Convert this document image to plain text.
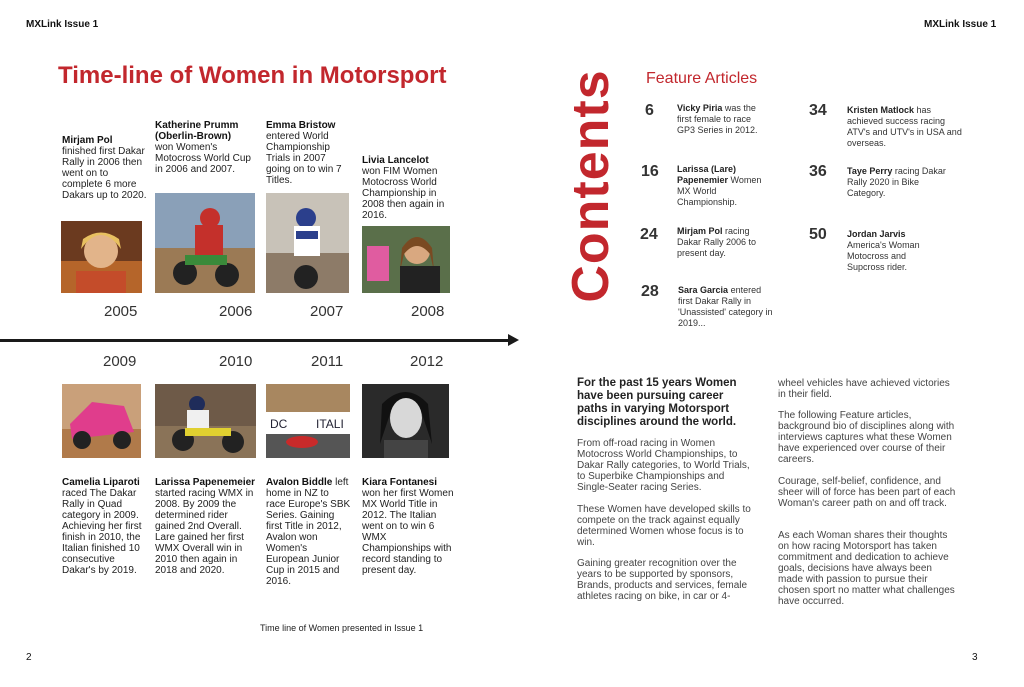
MXLink Issue 1	MXLink Issue 1
Time-line of Women in Motorsport
Mirjam Pol
finished first Dakar Rally in 2006 then went on to complete 6 more Dakars up to 2020.
Katherine Prumm (Oberlin-Brown)
won Women's Motocross World Cup in 2006 and 2007.
Emma Bristow
entered World Championship Trials in 2007 going on to win 7 Titles.
Livia Lancelot
won FIM Women Motocross World Championship in 2008 then again in 2016.
2005	2006	2007	2008
2009	2010	2011	2012
DC ITALI
Camelia Liparoti raced The Dakar Rally in Quad category in 2009. Achieving her first finish in 2010, the Italian finished 10 consecutive Dakar's by 2019.
Larissa Papenemeier started racing WMX in 2008. By 2009 the determined rider gained 2nd Overall. Lare gained her first WMX Overall win in 2010 then again in 2018 and 2020.
Avalon Biddle left home in NZ to race Europe's SBK Series. Gaining first Title in 2012, Avalon won Women's European Junior Cup in 2015 and 2016.
Kiara Fontanesi won her first Women MX World Title in 2012. The Italian went on to win 6 WMX Championships with record standing to present day.
Time line of Women presented in Issue 1
2	3
Contents Feature Articles
6	Vicky Piria was the first female to race GP3 Series in 2012.
16 Larissa (Lare) Papenemier Women MX World Championship.
24 Mirjam Pol racing Dakar Rally 2006 to present day.
28 Sara Garcia entered first Dakar Rally in 'Unassisted' category in 2019...
34 Kristen Matlock has achieved success racing ATV's and UTV's in USA and overseas.
36 Taye Perry racing Dakar Rally 2020 in Bike Category.
50 Jordan Jarvis America's Woman Motocross and Supcross rider.
For the past 15 years Women have been pursuing career paths in varying Motorsport disciplines around the world.
From off-road racing in Women Motocross World Championships, to Dakar Rally categories, to World Trials, to Superbike Championships and Single-Seater racing Series.
These Women have developed skills to compete on the track against equally determined Women whose focus is to win.
Gaining greater recognition over the years to be supported by sponsors, Brands, products and services, female athletes racing on bike, in car or 4-
wheel vehicles have achieved victories in their field.
The following Feature articles, background bio of disciplines along with interviews captures what these Women have experienced over course of their careers.
Courage, self-belief, confidence, and sheer will of force has been part of each Woman's career path on and off track.
As each Woman shares their thoughts on how racing Motorsport has taken commitment and dedication to achieve goals, decisions have always been made with passion to pursue their chosen sport no matter what challenges have occurred.
